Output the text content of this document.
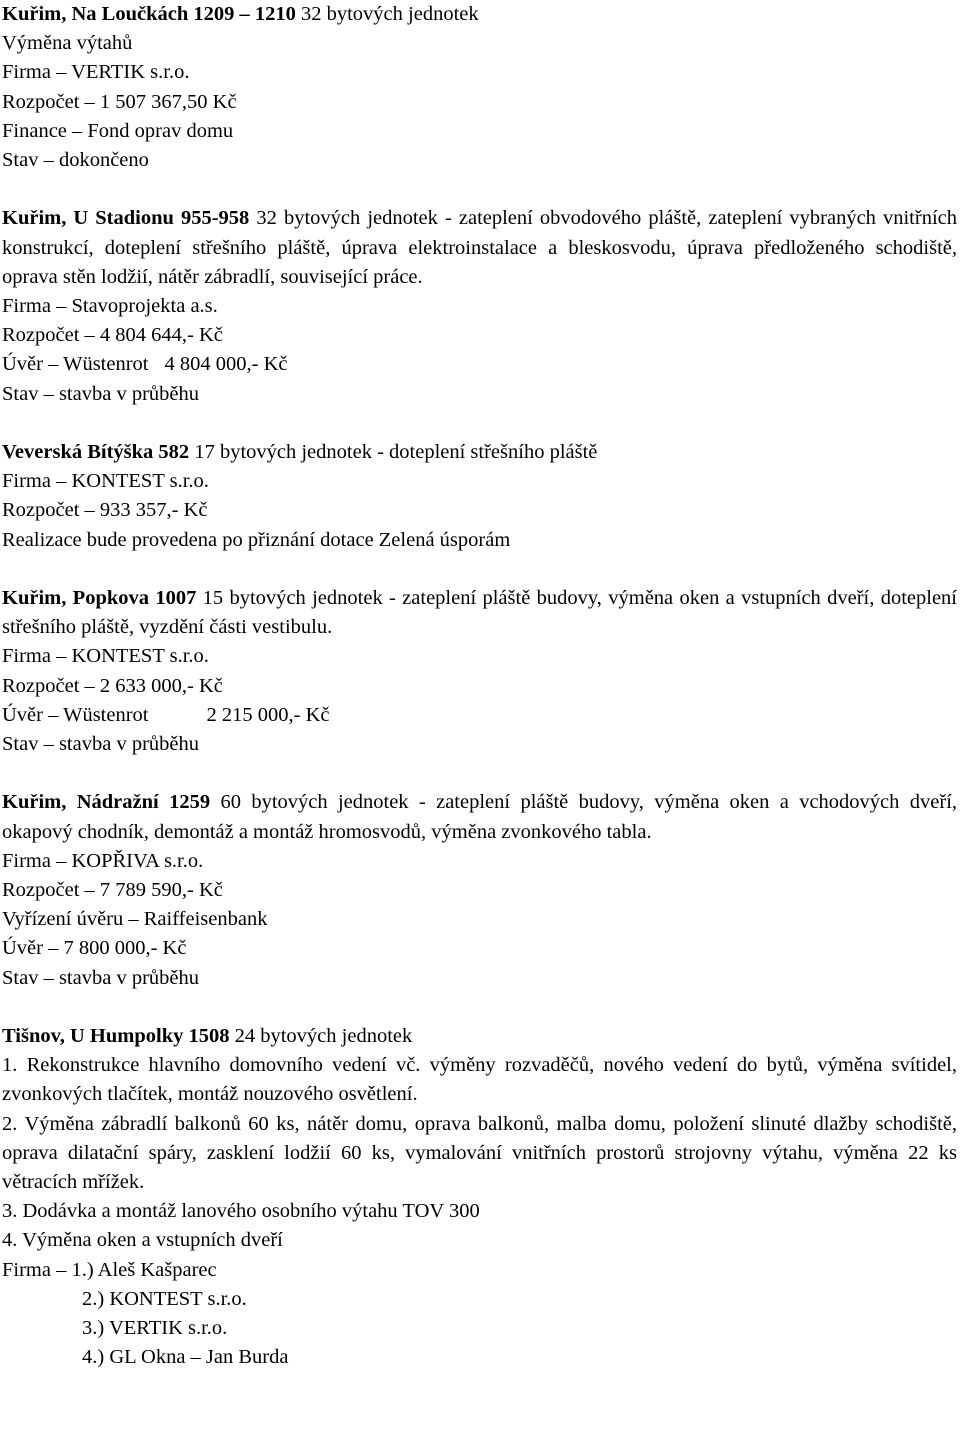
Kuřim, Na Loučkách 1209 – 1210 32 bytových jednotek

Výměna výtahů

Firma – VERTIK s.r.o.

Rozpočet – 1 507 367,50 Kč

Finance – Fond oprav domu

Stav – dokončeno

Kuřim, U Stadionu 955-958 32 bytových jednotek - zateplení obvodového pláště, zateplení vybraných vnitřních konstrukcí, doteplení střešního pláště, úprava elektroinstalace a bleskosvodu, úprava předloženého schodiště, oprava stěn lodžií, nátěr zábradlí, související práce.

Firma – Stavoprojekta a.s.

Rozpočet – 4 804 644,- Kč

Úvěr – Wüstenrot 4 804 000,- Kč

Stav – stavba v průběhu

Veverská Bítýška 582 17 bytových jednotek - doteplení střešního pláště

Firma – KONTEST s.r.o.

Rozpočet – 933 357,- Kč

Realizace bude provedena po přiznání dotace Zelená úsporám

Kuřim, Popkova 1007 15 bytových jednotek - zateplení pláště budovy, výměna oken a vstupních dveří, doteplení střešního pláště, vyzdění části vestibulu.

Firma – KONTEST s.r.o.

Rozpočet – 2 633 000,- Kč

Úvěr – Wüstenrot	2 215 000,- Kč

Stav – stavba v průběhu

Kuřim, Nádražní 1259 60 bytových jednotek - zateplení pláště budovy, výměna oken a vchodových dveří, okapový chodník, demontáž a montáž hromosvodů, výměna zvonkového tabla.

Firma – KOPŘIVA s.r.o.

Rozpočet – 7 789 590,- Kč

Vyřízení úvěru – Raiffeisenbank

Úvěr – 7 800 000,- Kč

Stav – stavba v průběhu

Tišnov, U Humpolky 1508 24 bytových jednotek

1. Rekonstrukce hlavního domovního vedení vč. výměny rozvaděčů, nového vedení do bytů, výměna svítidel, zvonkových tlačítek, montáž nouzového osvětlení.

2. Výměna zábradlí balkonů 60 ks, nátěr domu, oprava balkonů, malba domu, položení slinuté dlažby schodiště, oprava dilatační spáry, zasklení lodžií 60 ks, vymalování vnitřních prostorů strojovny výtahu, výměna 22 ks větracích mřížek.

3. Dodávka a montáž lanového osobního výtahu TOV 300

4. Výměna oken a vstupních dveří

Firma – 1.) Aleš Kašparec

2.) KONTEST s.r.o.

3.) VERTIK s.r.o.

4.) GL Okna – Jan Burda
